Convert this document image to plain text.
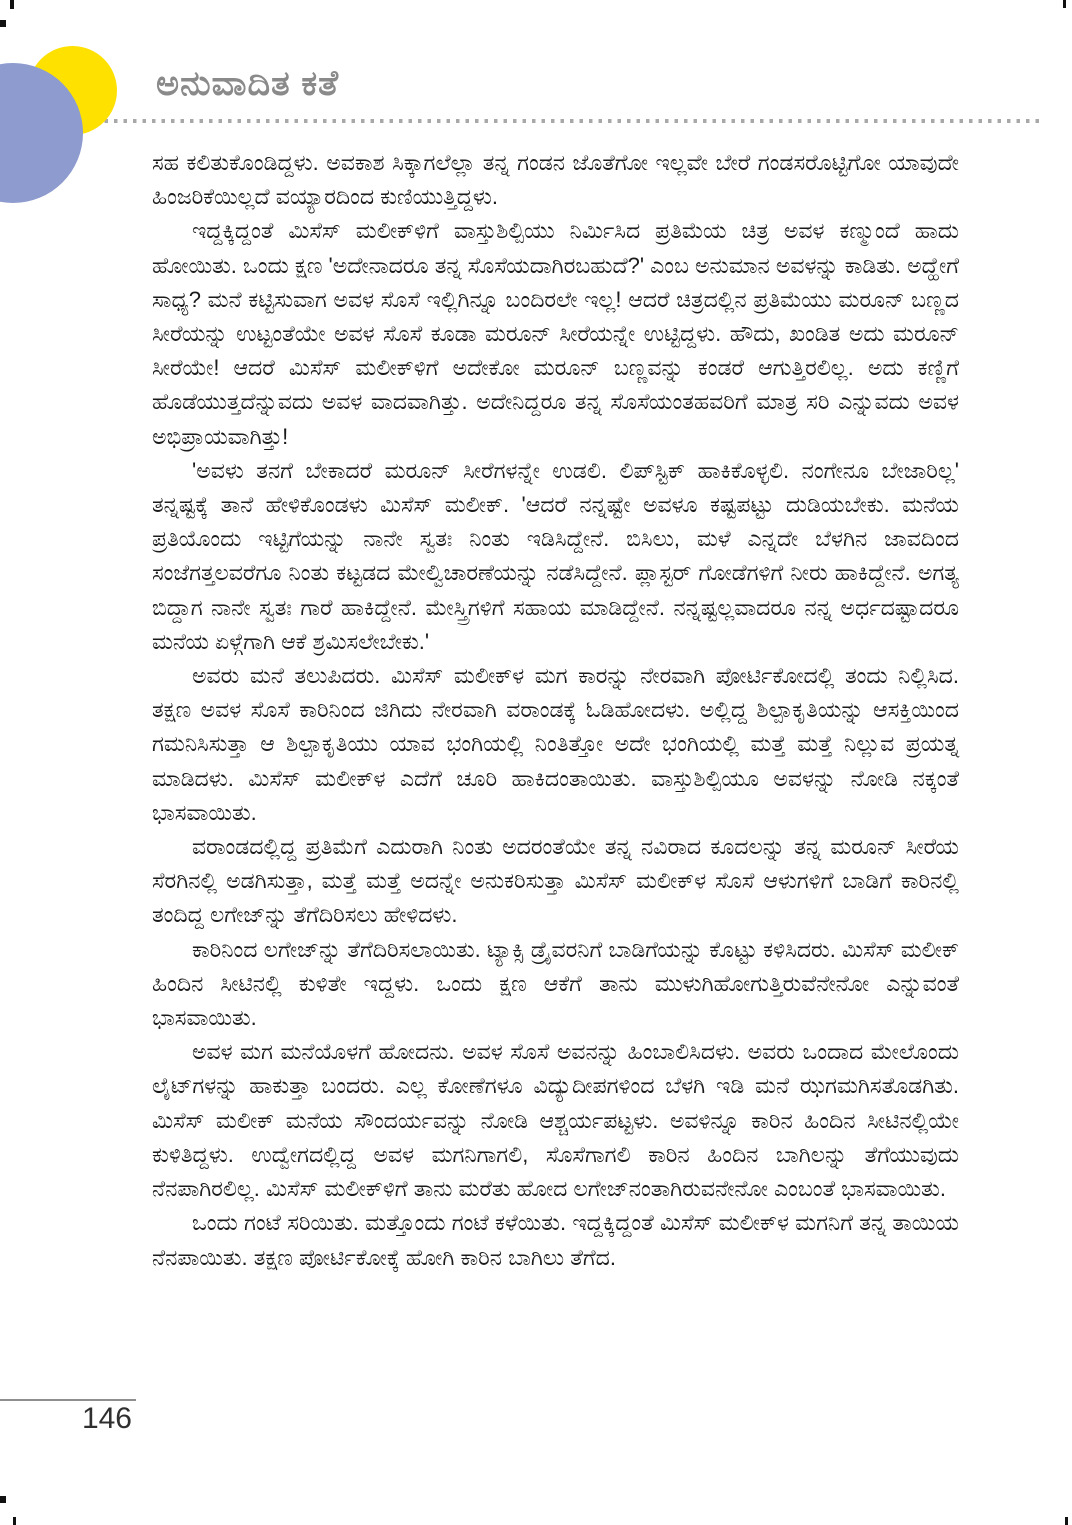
ಅನುವಾದಿತ ಕತೆ

ಸಹ ಕಲಿತುಕೊಂಡಿದ್ದಳು. ಅವಕಾಶ ಸಿಕ್ಕಾಗಲೆಲ್ಲಾ ತನ್ನ ಗಂಡನ ಜೊತೆಗೋ ಇಲ್ಲವೇ ಬೇರೆ ಗಂಡಸರೊಟ್ಟಿಗೋ ಯಾವುದೇ ಹಿಂಜರಿಕೆಯಿಲ್ಲದೆ ವಯ್ಯಾರದಿಂದ ಕುಣಿಯುತ್ತಿದ್ದಳು.

ಇದ್ದಕ್ಕಿದ್ದಂತೆ ಮಿಸೆಸ್ ಮಲೀಕ್‌ಳಿಗೆ ವಾಸ್ತುಶಿಲ್ಪಿಯು ನಿರ್ಮಿಸಿದ ಪ್ರತಿಮೆಯ ಚಿತ್ರ ಅವಳ ಕಣ್ಮುಂದೆ ಹಾದು ಹೋಯಿತು. ಒಂದು ಕ್ಷಣ 'ಅದೇನಾದರೂ ತನ್ನ ಸೊಸೆಯದಾಗಿರಬಹುದೆ?' ಎಂಬ ಅನುಮಾನ ಅವಳನ್ನು ಕಾಡಿತು. ಅದ್ಹೇಗೆ ಸಾಧ್ಯ? ಮನೆ ಕಟ್ಟಿಸುವಾಗ ಅವಳ ಸೊಸೆ ಇಲ್ಲಿಗಿನ್ನೂ ಬಂದಿರಲೇ ಇಲ್ಲ! ಆದರೆ ಚಿತ್ರದಲ್ಲಿನ ಪ್ರತಿಮೆಯು ಮರೂನ್ ಬಣ್ಣದ ಸೀರೆಯನ್ನು ಉಟ್ಟಂತೆಯೇ ಅವಳ ಸೊಸೆ ಕೂಡಾ ಮರೂನ್ ಸೀರೆಯನ್ನೇ ಉಟ್ಟಿದ್ದಳು. ಹೌದು, ಖಂಡಿತ ಅದು ಮರೂನ್ ಸೀರೆಯೇ! ಆದರೆ ಮಿಸೆಸ್ ಮಲೀಕ್‌ಳಿಗೆ ಅದೇಕೋ ಮರೂನ್ ಬಣ್ಣವನ್ನು ಕಂಡರೆ ಆಗುತ್ತಿರಲಿಲ್ಲ. ಅದು ಕಣ್ಣಿಗೆ ಹೊಡೆಯುತ್ತದೆನ್ನುವದು ಅವಳ ವಾದವಾಗಿತ್ತು. ಅದೇನಿದ್ದರೂ ತನ್ನ ಸೊಸೆಯಂತಹವರಿಗೆ ಮಾತ್ರ ಸರಿ ಎನ್ನುವದು ಅವಳ ಅಭಿಪ್ರಾಯವಾಗಿತ್ತು!

'ಅವಳು ತನಗೆ ಬೇಕಾದರೆ ಮರೂನ್ ಸೀರೆಗಳನ್ನೇ ಉಡಲಿ. ಲಿಪ್‌ಸ್ಟಿಕ್ ಹಾಕಿಕೊಳ್ಳಲಿ. ನಂಗೇನೂ ಬೇಜಾರಿಲ್ಲ' ತನ್ನಷ್ಟಕ್ಕೆ ತಾನೆ ಹೇಳಿಕೊಂಡಳು ಮಿಸೆಸ್ ಮಲೀಕ್. 'ಆದರೆ ನನ್ನಷ್ಟೇ ಅವಳೂ ಕಷ್ಟಪಟ್ಟು ದುಡಿಯಬೇಕು. ಮನೆಯ ಪ್ರತಿಯೊಂದು ಇಟ್ಟಿಗೆಯನ್ನು ನಾನೇ ಸ್ವತಃ ನಿಂತು ಇಡಿಸಿದ್ದೇನೆ. ಬಿಸಿಲು, ಮಳೆ ಎನ್ನದೇ ಬೆಳಗಿನ ಜಾವದಿಂದ ಸಂಜೆಗತ್ತಲವರೆಗೂ ನಿಂತು ಕಟ್ಟಡದ ಮೇಲ್ವಿಚಾರಣೆಯನ್ನು ನಡೆಸಿದ್ದೇನೆ. ಪ್ಲಾಸ್ಟರ್ ಗೋಡೆಗಳಿಗೆ ನೀರು ಹಾಕಿದ್ದೇನೆ. ಅಗತ್ಯ ಬಿದ್ದಾಗ ನಾನೇ ಸ್ವತಃ ಗಾರೆ ಹಾಕಿದ್ದೇನೆ. ಮೇಸ್ತ್ರಿಗಳಿಗೆ ಸಹಾಯ ಮಾಡಿದ್ದೇನೆ. ನನ್ನಷ್ಟಲ್ಲವಾದರೂ ನನ್ನ ಅರ್ಧದಷ್ಟಾದರೂ ಮನೆಯ ಏಳ್ಗೆಗಾಗಿ ಆಕೆ ಶ್ರಮಿಸಲೇಬೇಕು.'

ಅವರು ಮನೆ ತಲುಪಿದರು. ಮಿಸೆಸ್ ಮಲೀಕ್‌ಳ ಮಗ ಕಾರನ್ನು ನೇರವಾಗಿ ಪೋರ್ಟಿಕೋದಲ್ಲಿ ತಂದು ನಿಲ್ಲಿಸಿದ. ತಕ್ಷಣ ಅವಳ ಸೊಸೆ ಕಾರಿನಿಂದ ಜಿಗಿದು ನೇರವಾಗಿ ವರಾಂಡಕ್ಕೆ ಓಡಿಹೋದಳು. ಅಲ್ಲಿದ್ದ ಶಿಲ್ಪಾಕೃತಿಯನ್ನು ಆಸಕ್ತಿಯಿಂದ ಗಮನಿಸಿಸುತ್ತಾ ಆ ಶಿಲ್ಪಾಕೃತಿಯು ಯಾವ ಭಂಗಿಯಲ್ಲಿ ನಿಂತಿತ್ತೋ ಅದೇ ಭಂಗಿಯಲ್ಲಿ ಮತ್ತೆ ಮತ್ತೆ ನಿಲ್ಲುವ ಪ್ರಯತ್ನ ಮಾಡಿದಳು. ಮಿಸೆಸ್ ಮಲೀಕ್‌ಳ ಎದೆಗೆ ಚೂರಿ ಹಾಕಿದಂತಾಯಿತು. ವಾಸ್ತುಶಿಲ್ಪಿಯೂ ಅವಳನ್ನು ನೋಡಿ ನಕ್ಕಂತೆ ಭಾಸವಾಯಿತು.

ವರಾಂಡದಲ್ಲಿದ್ದ ಪ್ರತಿಮೆಗೆ ಎದುರಾಗಿ ನಿಂತು ಅದರಂತೆಯೇ ತನ್ನ ನವಿರಾದ ಕೂದಲನ್ನು ತನ್ನ ಮರೂನ್ ಸೀರೆಯ ಸೆರಗಿನಲ್ಲಿ ಅಡಗಿಸುತ್ತಾ, ಮತ್ತೆ ಮತ್ತೆ ಅದನ್ನೇ ಅನುಕರಿಸುತ್ತಾ ಮಿಸೆಸ್ ಮಲೀಕ್‌ಳ ಸೊಸೆ ಆಳುಗಳಿಗೆ ಬಾಡಿಗೆ ಕಾರಿನಲ್ಲಿ ತಂದಿದ್ದ ಲಗೇಜ್‌ನ್ನು ತೆಗೆದಿರಿಸಲು ಹೇಳಿದಳು.

ಕಾರಿನಿಂದ ಲಗೇಜ್‌ನ್ನು ತೆಗೆದಿರಿಸಲಾಯಿತು. ಟ್ಯಾಕ್ಸಿ ಡ್ರೈವರನಿಗೆ ಬಾಡಿಗೆಯನ್ನು ಕೊಟ್ಟು ಕಳಿಸಿದರು. ಮಿಸೆಸ್ ಮಲೀಕ್ ಹಿಂದಿನ ಸೀಟಿನಲ್ಲಿ ಕುಳಿತೇ ಇದ್ದಳು. ಒಂದು ಕ್ಷಣ ಆಕೆಗೆ ತಾನು ಮುಳುಗಿಹೋಗುತ್ತಿರುವೆನೇನೋ ಎನ್ನುವಂತೆ ಭಾಸವಾಯಿತು.

ಅವಳ ಮಗ ಮನೆಯೊಳಗೆ ಹೋದನು. ಅವಳ ಸೊಸೆ ಅವನನ್ನು ಹಿಂಬಾಲಿಸಿದಳು. ಅವರು ಒಂದಾದ ಮೇಲೊಂದು ಲೈಟ್‌ಗಳನ್ನು ಹಾಕುತ್ತಾ ಬಂದರು. ಎಲ್ಲ ಕೋಣೆಗಳೂ ವಿದ್ಯುದೀಪಗಳಿಂದ ಬೆಳಗಿ ಇಡಿ ಮನೆ ಝಗಮಗಿಸತೊಡಗಿತು. ಮಿಸೆಸ್ ಮಲೀಕ್ ಮನೆಯ ಸೌಂದರ್ಯವನ್ನು ನೋಡಿ ಆಶ್ಚರ್ಯಪಟ್ಟಳು. ಅವಳಿನ್ನೂ ಕಾರಿನ ಹಿಂದಿನ ಸೀಟಿನಲ್ಲಿಯೇ ಕುಳಿತಿದ್ದಳು. ಉದ್ವೇಗದಲ್ಲಿದ್ದ ಅವಳ ಮಗನಿಗಾಗಲಿ, ಸೊಸೆಗಾಗಲಿ ಕಾರಿನ ಹಿಂದಿನ ಬಾಗಿಲನ್ನು ತೆಗೆಯುವುದು ನೆನಪಾಗಿರಲಿಲ್ಲ. ಮಿಸೆಸ್ ಮಲೀಕ್‌ಳಿಗೆ ತಾನು ಮರೆತು ಹೋದ ಲಗೇಜ್‌ನಂತಾಗಿರುವನೇನೋ ಎಂಬಂತೆ ಭಾಸವಾಯಿತು.

ಒಂದು ಗಂಟೆ ಸರಿಯಿತು. ಮತ್ತೊಂದು ಗಂಟೆ ಕಳೆಯಿತು. ಇದ್ದಕ್ಕಿದ್ದಂತೆ ಮಿಸೆಸ್ ಮಲೀಕ್‌ಳ ಮಗನಿಗೆ ತನ್ನ ತಾಯಿಯ ನೆನಪಾಯಿತು. ತಕ್ಷಣ ಪೋರ್ಟಿಕೋಕ್ಕೆ ಹೋಗಿ ಕಾರಿನ ಬಾಗಿಲು ತೆಗೆದ.

146
